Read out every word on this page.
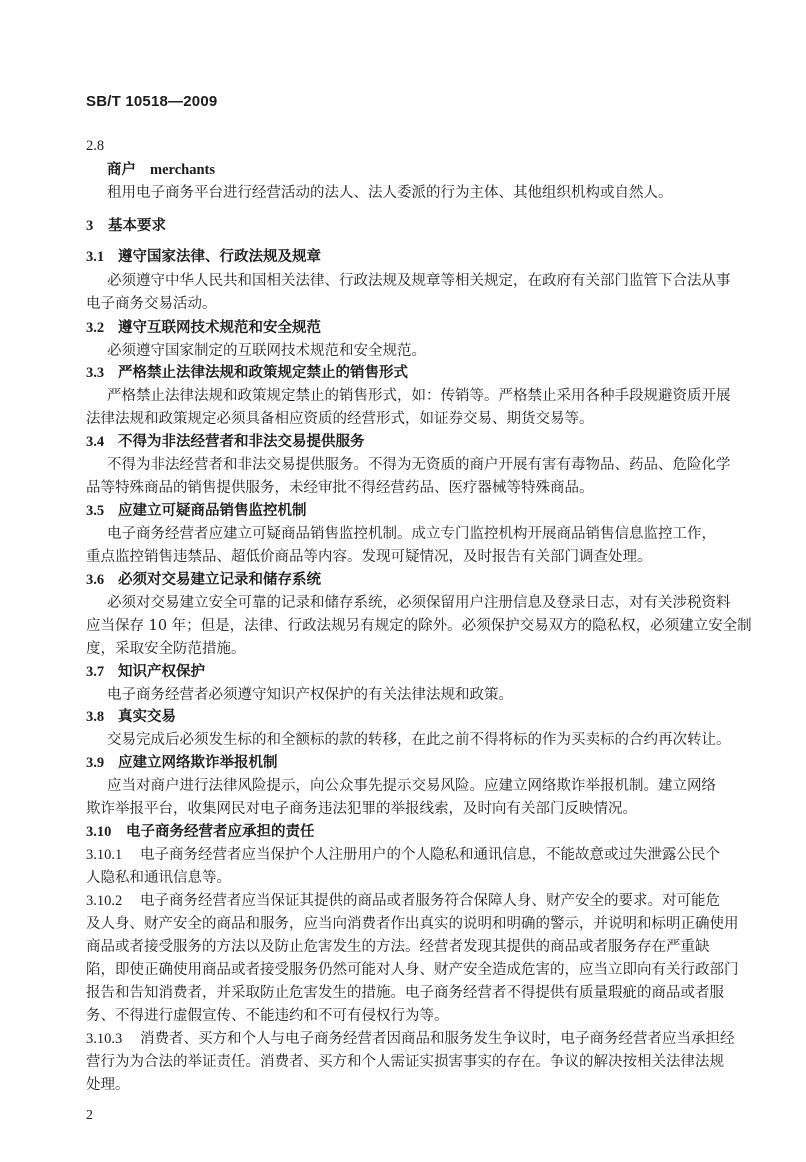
SB/T 10518—2009
2.8
商户 merchants
租用电子商务平台进行经营活动的法人、法人委派的行为主体、其他组织机构或自然人。
3 基本要求
3.1 遵守国家法律、行政法规及规章
必须遵守中华人民共和国相关法律、行政法规及规章等相关规定，在政府有关部门监管下合法从事
电子商务交易活动。
3.2 遵守互联网技术规范和安全规范
必须遵守国家制定的互联网技术规范和安全规范。
3.3 严格禁止法律法规和政策规定禁止的销售形式
严格禁止法律法规和政策规定禁止的销售形式，如：传销等。严格禁止采用各种手段规避资质开展
法律法规和政策规定必须具备相应资质的经营形式，如证券交易、期货交易等。
3.4 不得为非法经营者和非法交易提供服务
不得为非法经营者和非法交易提供服务。不得为无资质的商户开展有害有毒物品、药品、危险化学
品等特殊商品的销售提供服务，未经审批不得经营药品、医疗器械等特殊商品。
3.5 应建立可疑商品销售监控机制
电子商务经营者应建立可疑商品销售监控机制。成立专门监控机构开展商品销售信息监控工作，
重点监控销售违禁品、超低价商品等内容。发现可疑情况，及时报告有关部门调查处理。
3.6 必须对交易建立记录和储存系统
必须对交易建立安全可靠的记录和储存系统，必须保留用户注册信息及登录日志，对有关涉税资料
应当保存 10 年；但是，法律、行政法规另有规定的除外。必须保护交易双方的隐私权，必须建立安全制
度，采取安全防范措施。
3.7 知识产权保护
电子商务经营者必须遵守知识产权保护的有关法律法规和政策。
3.8 真实交易
交易完成后必须发生标的和全额标的款的转移，在此之前不得将标的作为买卖标的合约再次转让。
3.9 应建立网络欺诈举报机制
应当对商户进行法律风险提示，向公众事先提示交易风险。应建立网络欺诈举报机制。建立网络
欺诈举报平台，收集网民对电子商务违法犯罪的举报线索，及时向有关部门反映情况。
3.10 电子商务经营者应承担的责任
3.10.1 电子商务经营者应当保护个人注册用户的个人隐私和通讯信息，不能故意或过失泄露公民个
人隐私和通讯信息等。
3.10.2 电子商务经营者应当保证其提供的商品或者服务符合保障人身、财产安全的要求。对可能危
及人身、财产安全的商品和服务，应当向消费者作出真实的说明和明确的警示，并说明和标明正确使用
商品或者接受服务的方法以及防止危害发生的方法。经营者发现其提供的商品或者服务存在严重缺
陷，即使正确使用商品或者接受服务仍然可能对人身、财产安全造成危害的，应当立即向有关行政部门
报告和告知消费者，并采取防止危害发生的措施。电子商务经营者不得提供有质量瑕疵的商品或者服
务、不得进行虚假宣传、不能违约和不可有侵权行为等。
3.10.3 消费者、买方和个人与电子商务经营者因商品和服务发生争议时，电子商务经营者应当承担经
营行为为合法的举证责任。消费者、买方和个人需证实损害事实的存在。争议的解决按相关法律法规
处理。
2
